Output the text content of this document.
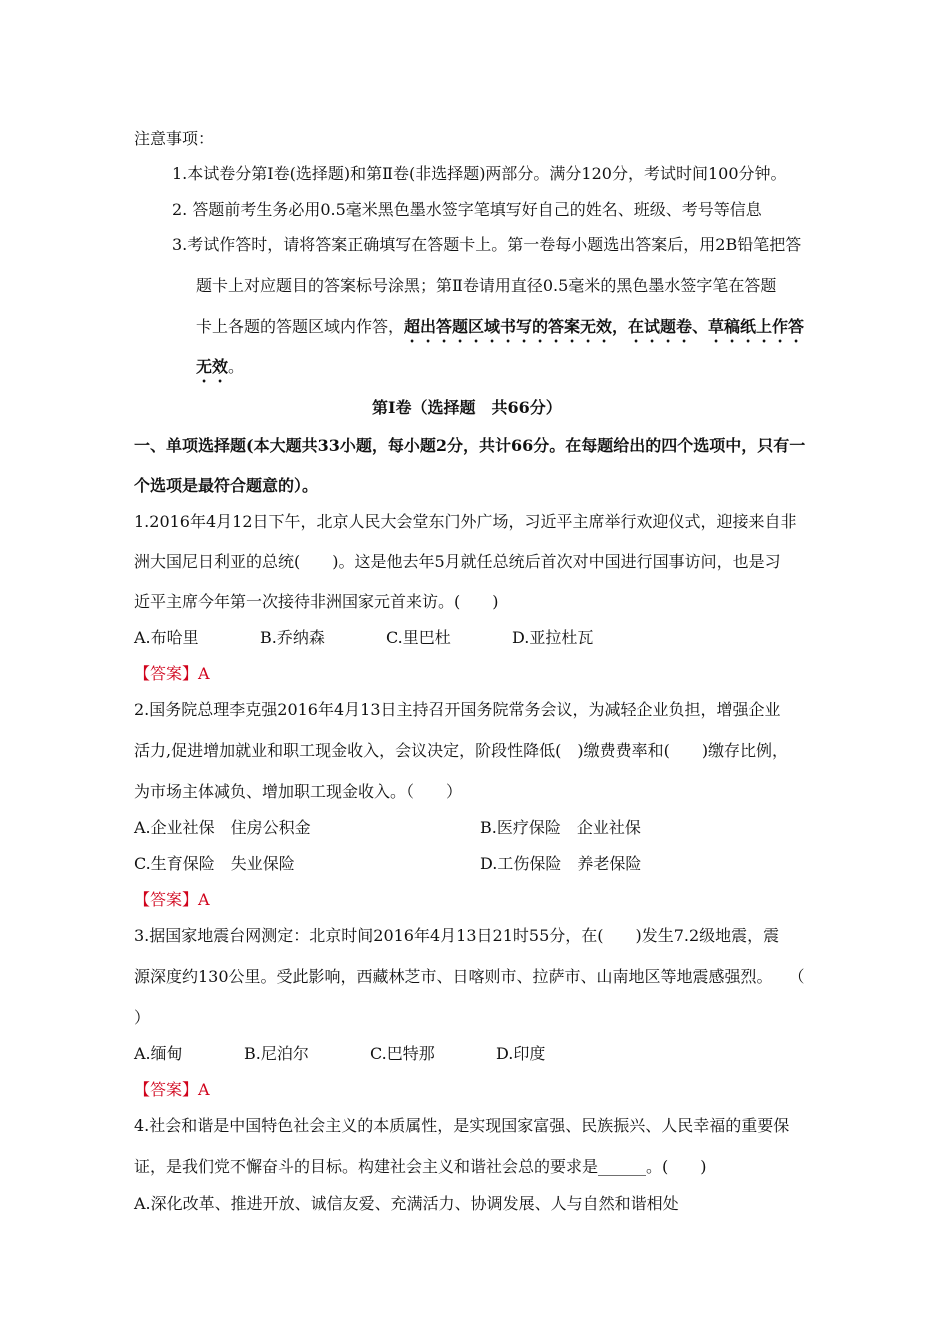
注意事项：
1.本试卷分第Ⅰ卷(选择题)和第Ⅱ卷(非选择题)两部分。满分120分，考试时间100分钟。
2. 答题前考生务必用0.5毫米黑色墨水签字笔填写好自己的姓名、班级、考号等信息
3.考试作答时，请将答案正确填写在答题卡上。第一卷每小题选出答案后，用2B铅笔把答
题卡上对应题目的答案标号涂黑；第Ⅱ卷请用直径0.5毫米的黑色墨水签字笔在答题
卡上各题的答题区域内作答，超出答题区域书写的答案无效，在试题卷、草稿纸上作答
无效。
第Ⅰ卷（选择题　共66分）
一、单项选择题(本大题共33小题，每小题2分，共计66分。在每题给出的四个选项中，只有一
个选项是最符合题意的）。
1.2016年4月12日下午，北京人民大会堂东门外广场，习近平主席举行欢迎仪式，迎接来自非
洲大国尼日利亚的总统(　　)。这是他去年5月就任总统后首次对中国进行国事访问，也是习
近平主席今年第一次接待非洲国家元首来访。(　　)
A.布哈里	B.乔纳森	C.里巴杜	D.亚拉杜瓦
【答案】A
2.国务院总理李克强2016年4月13日主持召开国务院常务会议，为减轻企业负担，增强企业
活力,促进增加就业和职工现金收入，会议决定，阶段性降低(　)缴费费率和(　　)缴存比例，
为市场主体减负、增加职工现金收入。（　　）
A.企业社保　住房公积金	B.医疗保险　企业社保
C.生育保险　失业保险	D.工伤保险　养老保险
【答案】A
3.据国家地震台网测定：北京时间2016年4月13日21时55分，在(　　)发生7.2级地震，震
源深度约130公里。受此影响，西藏林芝市、日喀则市、拉萨市、山南地区等地震感强烈。　　（
）
A.缅甸	B.尼泊尔	C.巴特那	D.印度
【答案】A
4.社会和谐是中国特色社会主义的本质属性，是实现国家富强、民族振兴、人民幸福的重要保
证，是我们党不懈奋斗的目标。构建社会主义和谐社会总的要求是______。(　　)
A.深化改革、推进开放、诚信友爱、充满活力、协调发展、人与自然和谐相处
